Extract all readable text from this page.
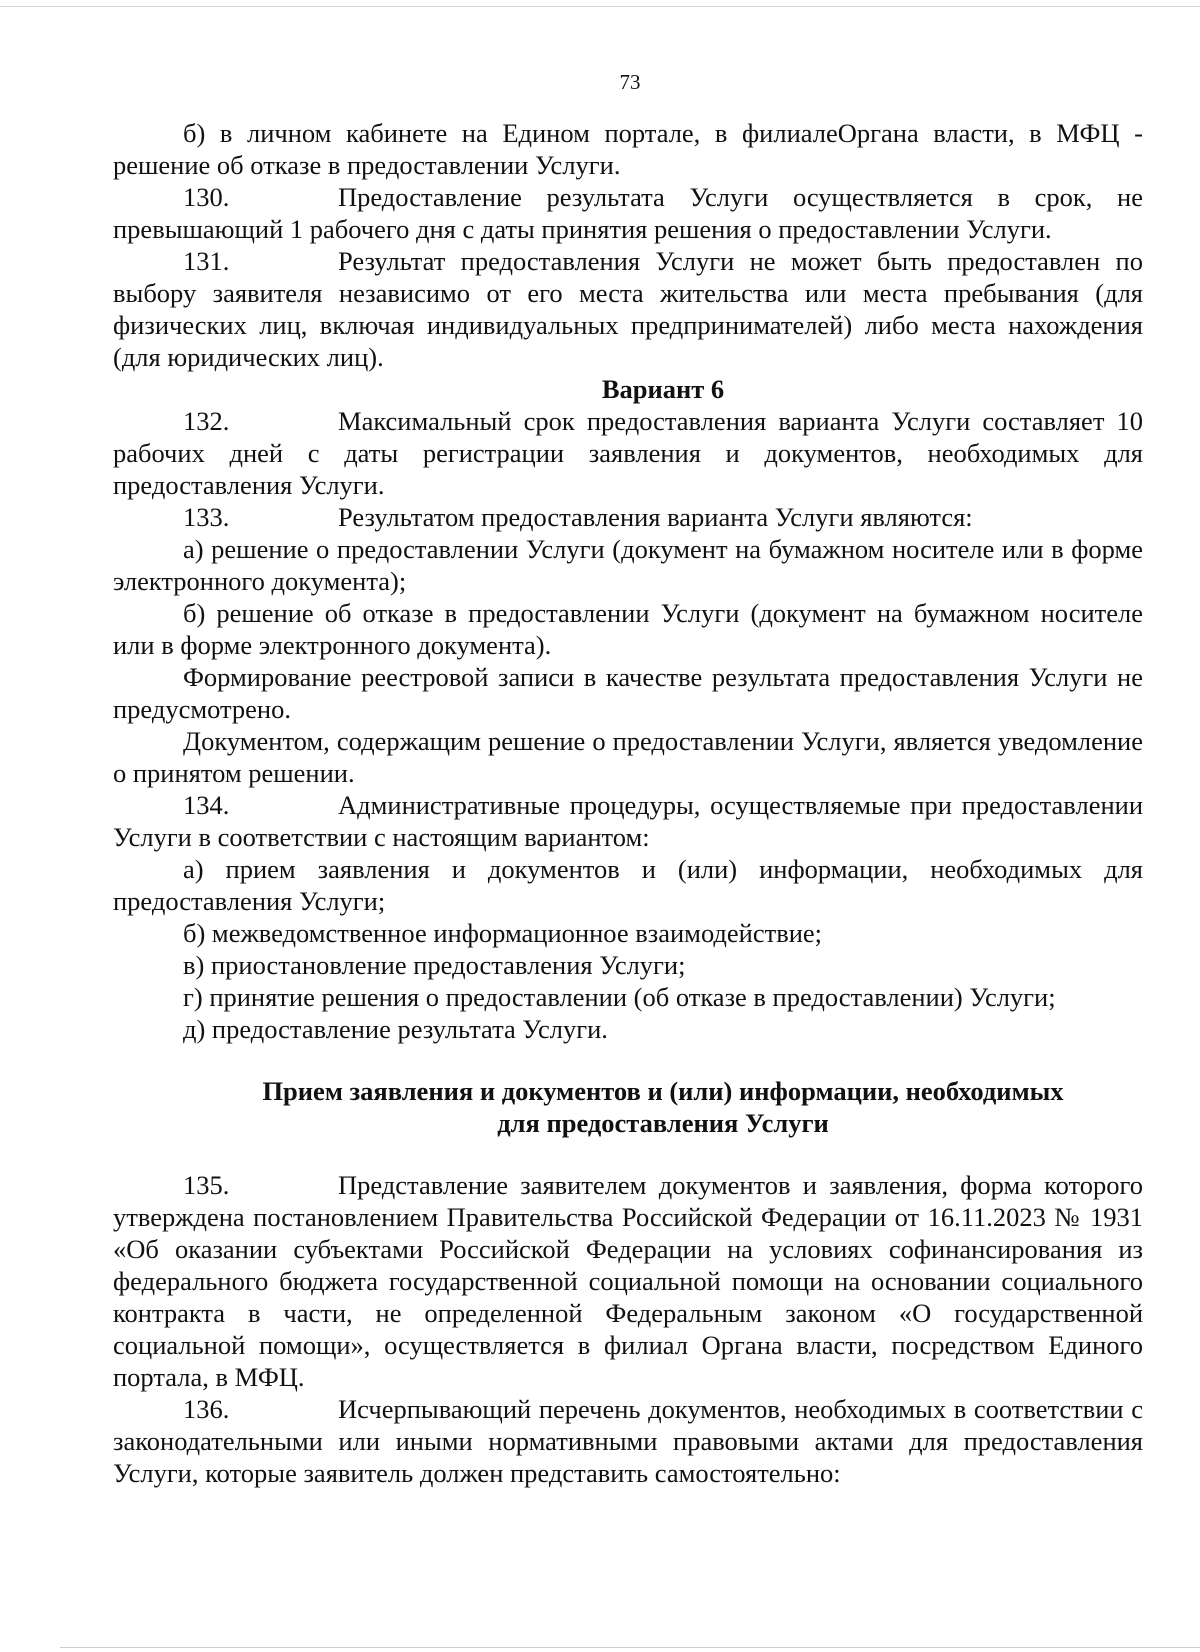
73

б) в личном кабинете на Едином портале, в филиалеОргана власти, в МФЦ - решение об отказе в предоставлении Услуги.

130.	Предоставление результата Услуги осуществляется в срок, не превышающий 1 рабочего дня с даты принятия решения о предоставлении Услуги.

131.	Результат предоставления Услуги не может быть предоставлен по выбору заявителя независимо от его места жительства или места пребывания (для физических лиц, включая индивидуальных предпринимателей) либо места нахождения (для юридических лиц).

Вариант 6

132.	Максимальный срок предоставления варианта Услуги составляет 10 рабочих дней с даты регистрации заявления и документов, необходимых для предоставления Услуги.

133.	Результатом предоставления варианта Услуги являются:

а) решение о предоставлении Услуги (документ на бумажном носителе или в форме электронного документа);

б) решение об отказе в предоставлении Услуги (документ на бумажном носителе или в форме электронного документа).

Формирование реестровой записи в качестве результата предоставления Услуги не предусмотрено.

Документом, содержащим решение о предоставлении Услуги, является уведомление о принятом решении.

134.	Административные процедуры, осуществляемые при предоставлении Услуги в соответствии с настоящим вариантом:

а) прием заявления и документов и (или) информации, необходимых для предоставления Услуги;

б) межведомственное информационное взаимодействие;

в) приостановление предоставления Услуги;

г) принятие решения о предоставлении (об отказе в предоставлении) Услуги;

д) предоставление результата Услуги.

Прием заявления и документов и (или) информации, необходимых
для предоставления Услуги

135.	Представление заявителем документов и заявления, форма которого утверждена постановлением Правительства Российской Федерации от 16.11.2023 № 1931 «Об оказании субъектами Российской Федерации на условиях софинансирования из федерального бюджета государственной социальной помощи на основании социального контракта в части, не определенной Федеральным законом «О государственной социальной помощи», осуществляется в филиал Органа власти, посредством Единого портала, в МФЦ.

136.	Исчерпывающий перечень документов, необходимых в соответствии с законодательными или иными нормативными правовыми актами для предоставления Услуги, которые заявитель должен представить самостоятельно:
